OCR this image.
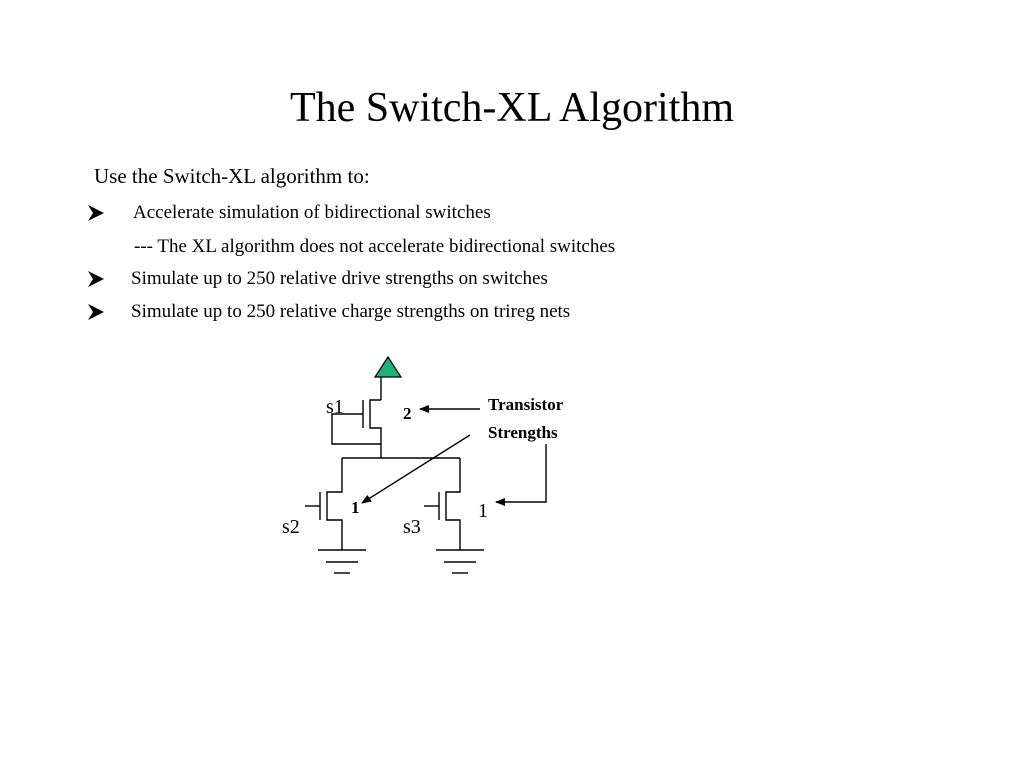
The Switch-XL Algorithm
Use the Switch-XL algorithm to:
Accelerate simulation of bidirectional switches
--- The XL algorithm does not accelerate bidirectional switches
Simulate up to 250 relative drive strengths on switches
Simulate up to 250 relative charge strengths on trireg nets
s1	2
s2
1
s3
1
Transistor
Strengths
